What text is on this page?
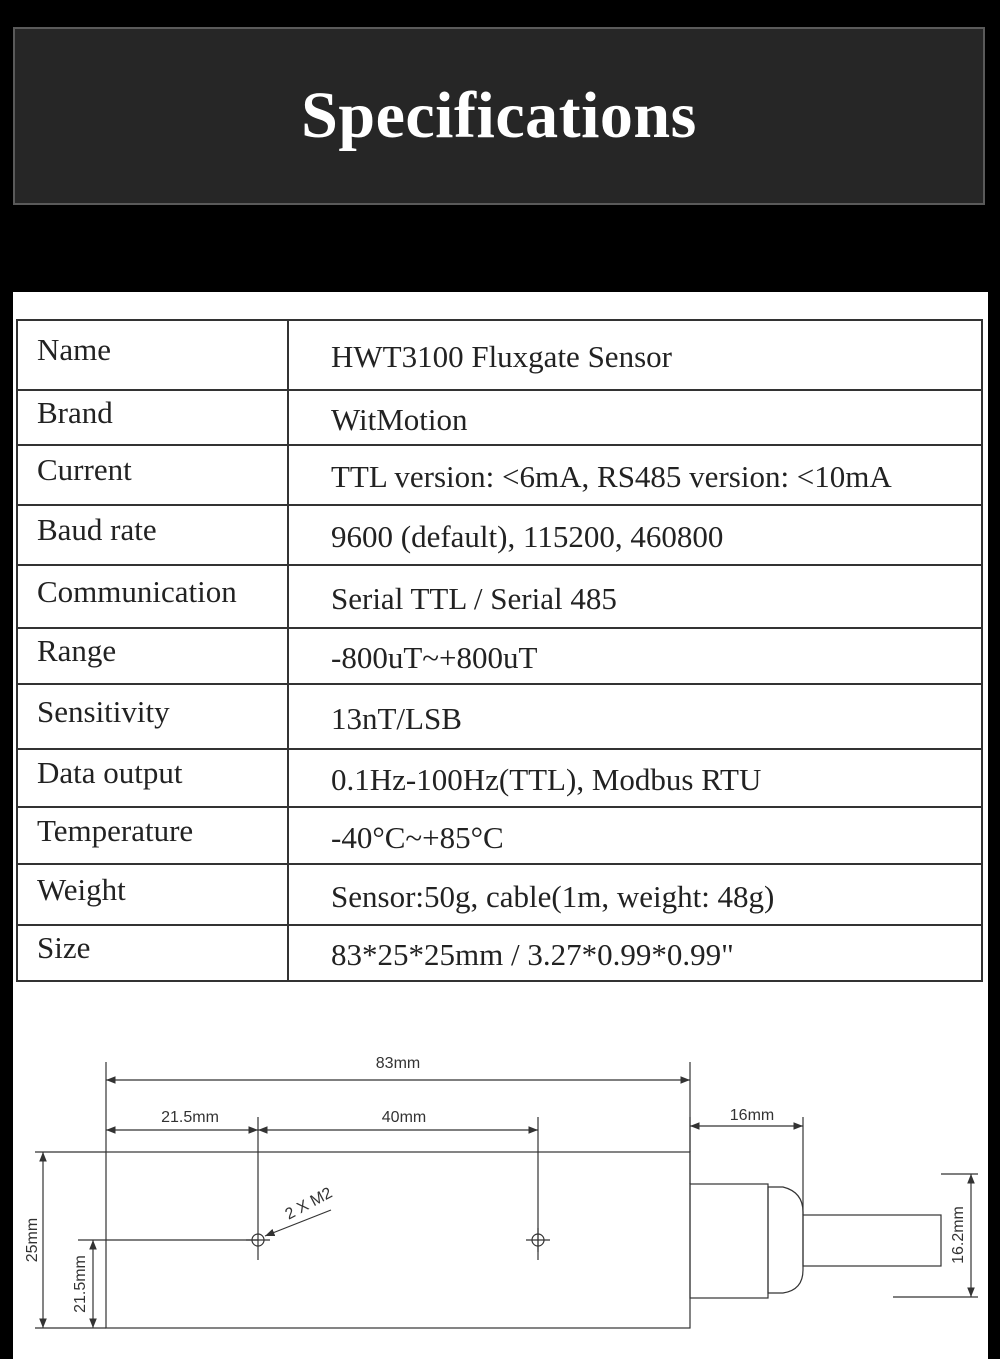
Specifications
Name	HWT3100 Fluxgate Sensor
Brand	WitMotion
Current	TTL version: <6mA, RS485 version: <10mA
Baud rate	9600 (default), 115200, 460800
Communication	Serial TTL / Serial 485
Range	-800uT~+800uT
Sensitivity	13nT/LSB
Data output	0.1Hz-100Hz(TTL), Modbus RTU
Temperature	-40°C~+85°C
Weight	Sensor:50g, cable(1m, weight: 48g)
Size	83*25*25mm / 3.27*0.99*0.99"
83mm
21.5mm	40mm	16mm
25mm
21.5mm
16.2mm
2 X M2
